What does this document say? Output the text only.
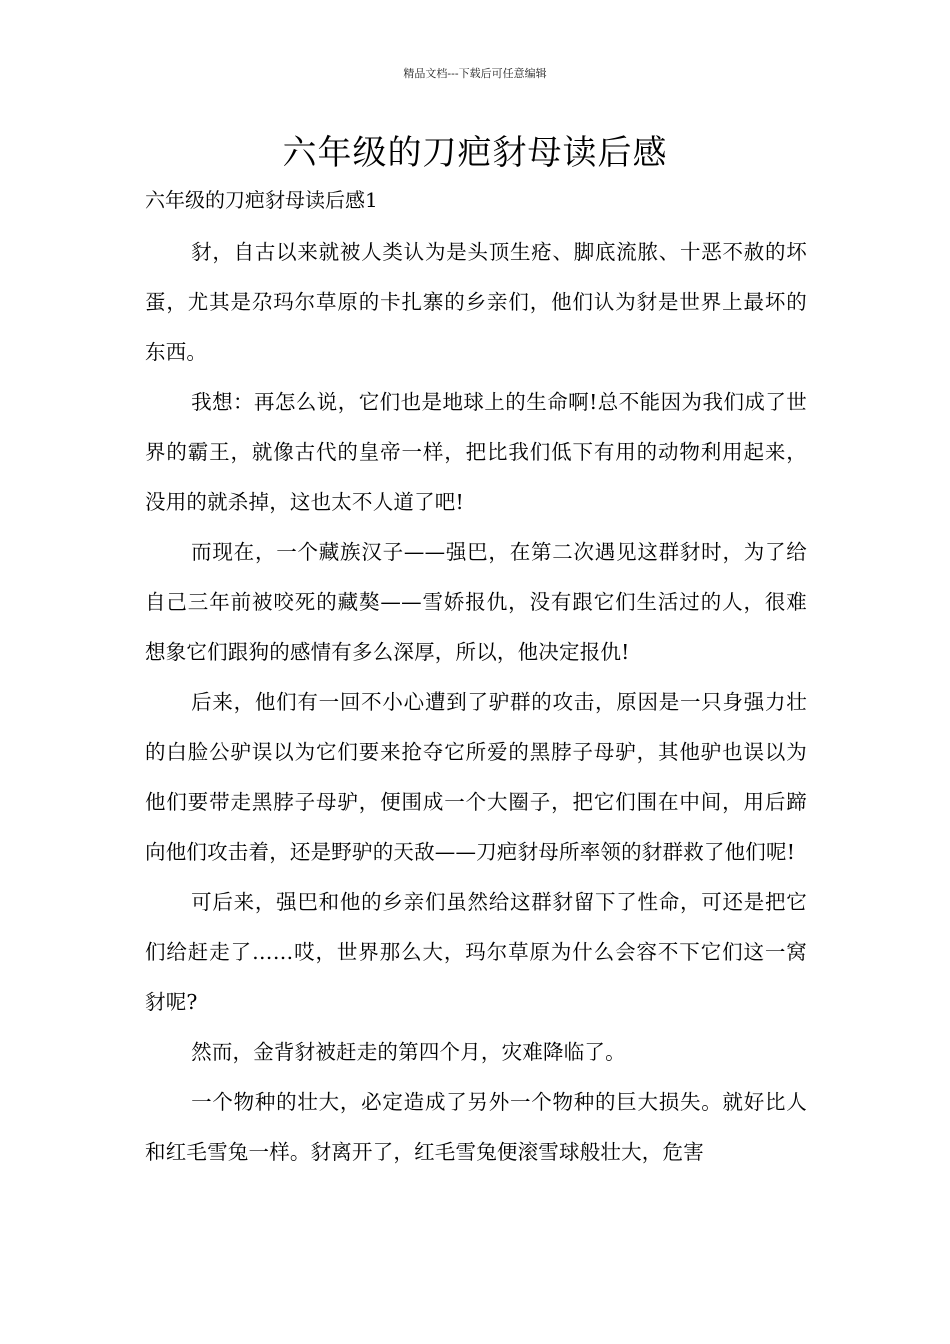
精品文档---下载后可任意编辑
六年级的刀疤豺母读后感
六年级的刀疤豺母读后感1

豺，自古以来就被人类认为是头顶生疮、脚底流脓、十恶不赦的坏蛋，尤其是尕玛尔草原的卡扎寨的乡亲们，他们认为豺是世界上最坏的东西。

我想：再怎么说，它们也是地球上的生命啊!总不能因为我们成了世界的霸王，就像古代的皇帝一样，把比我们低下有用的动物利用起来，没用的就杀掉，这也太不人道了吧!

而现在，一个藏族汉子——强巴，在第二次遇见这群豺时，为了给自己三年前被咬死的藏獒——雪娇报仇，没有跟它们生活过的人，很难想象它们跟狗的感情有多么深厚，所以，他决定报仇!

后来，他们有一回不小心遭到了驴群的攻击，原因是一只身强力壮的白脸公驴误以为它们要来抢夺它所爱的黑脖子母驴，其他驴也误以为他们要带走黑脖子母驴，便围成一个大圈子，把它们围在中间，用后蹄向他们攻击着，还是野驴的天敌——刀疤豺母所率领的豺群救了他们呢!

可后来，强巴和他的乡亲们虽然给这群豺留下了性命，可还是把它们给赶走了……哎，世界那么大，玛尔草原为什么会容不下它们这一窝豺呢?

然而，金背豺被赶走的第四个月，灾难降临了。

一个物种的壮大，必定造成了另外一个物种的巨大损失。就好比人和红毛雪兔一样。豺离开了，红毛雪兔便滚雪球般壮大，危害
